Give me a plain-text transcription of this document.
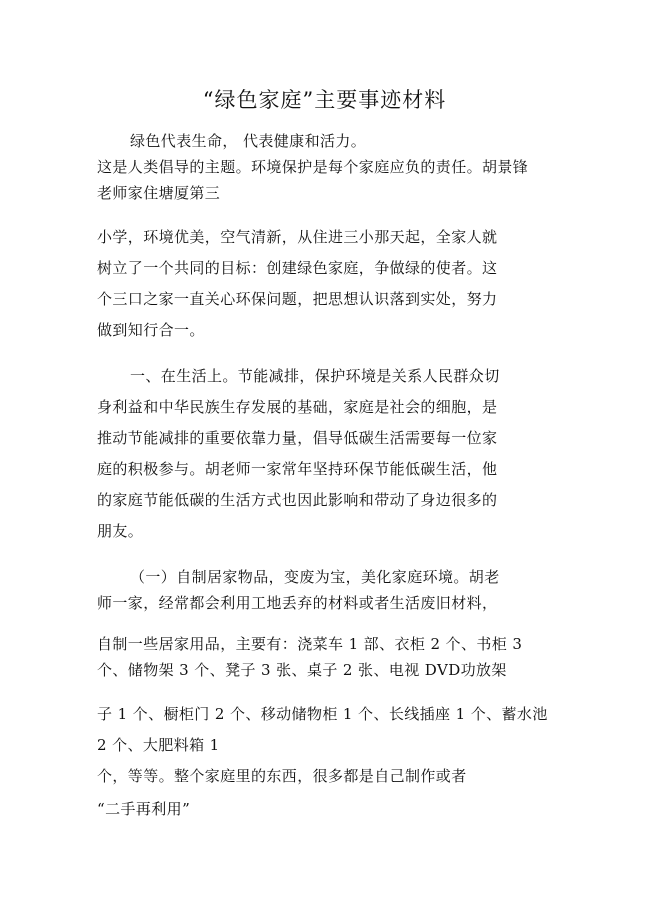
“绿色家庭”主要事迹材料
绿色代表生命， 代表健康和活力。
这是人类倡导的主题。环境保护是每个家庭应负的责任。胡景锋
老师家住塘厦第三
小学，环境优美，空气清新，从住进三小那天起，全家人就
树立了一个共同的目标：创建绿色家庭，争做绿的使者。这
个三口之家一直关心环保问题，把思想认识落到实处，努力
做到知行合一。
一、在生活上。节能减排，保护环境是关系人民群众切
身利益和中华民族生存发展的基础，家庭是社会的细胞，是
推动节能减排的重要依靠力量，倡导低碳生活需要每一位家
庭的积极参与。胡老师一家常年坚持环保节能低碳生活，他
的家庭节能低碳的生活方式也因此影响和带动了身边很多的
朋友。
（一）自制居家物品，变废为宝，美化家庭环境。胡老
师一家，经常都会利用工地丢弃的材料或者生活废旧材料，
自制一些居家用品，主要有：浇菜车 1 部、衣柜 2 个、书柜 3
个、储物架 3 个、凳子 3 张、桌子 2 张、电视 DVD功放架
子 1 个、橱柜门 2 个、移动储物柜 1 个、长线插座 1 个、蓄水池
2 个、大肥料箱 1
个，等等。整个家庭里的东西，很多都是自己制作或者
“二手再利用”
